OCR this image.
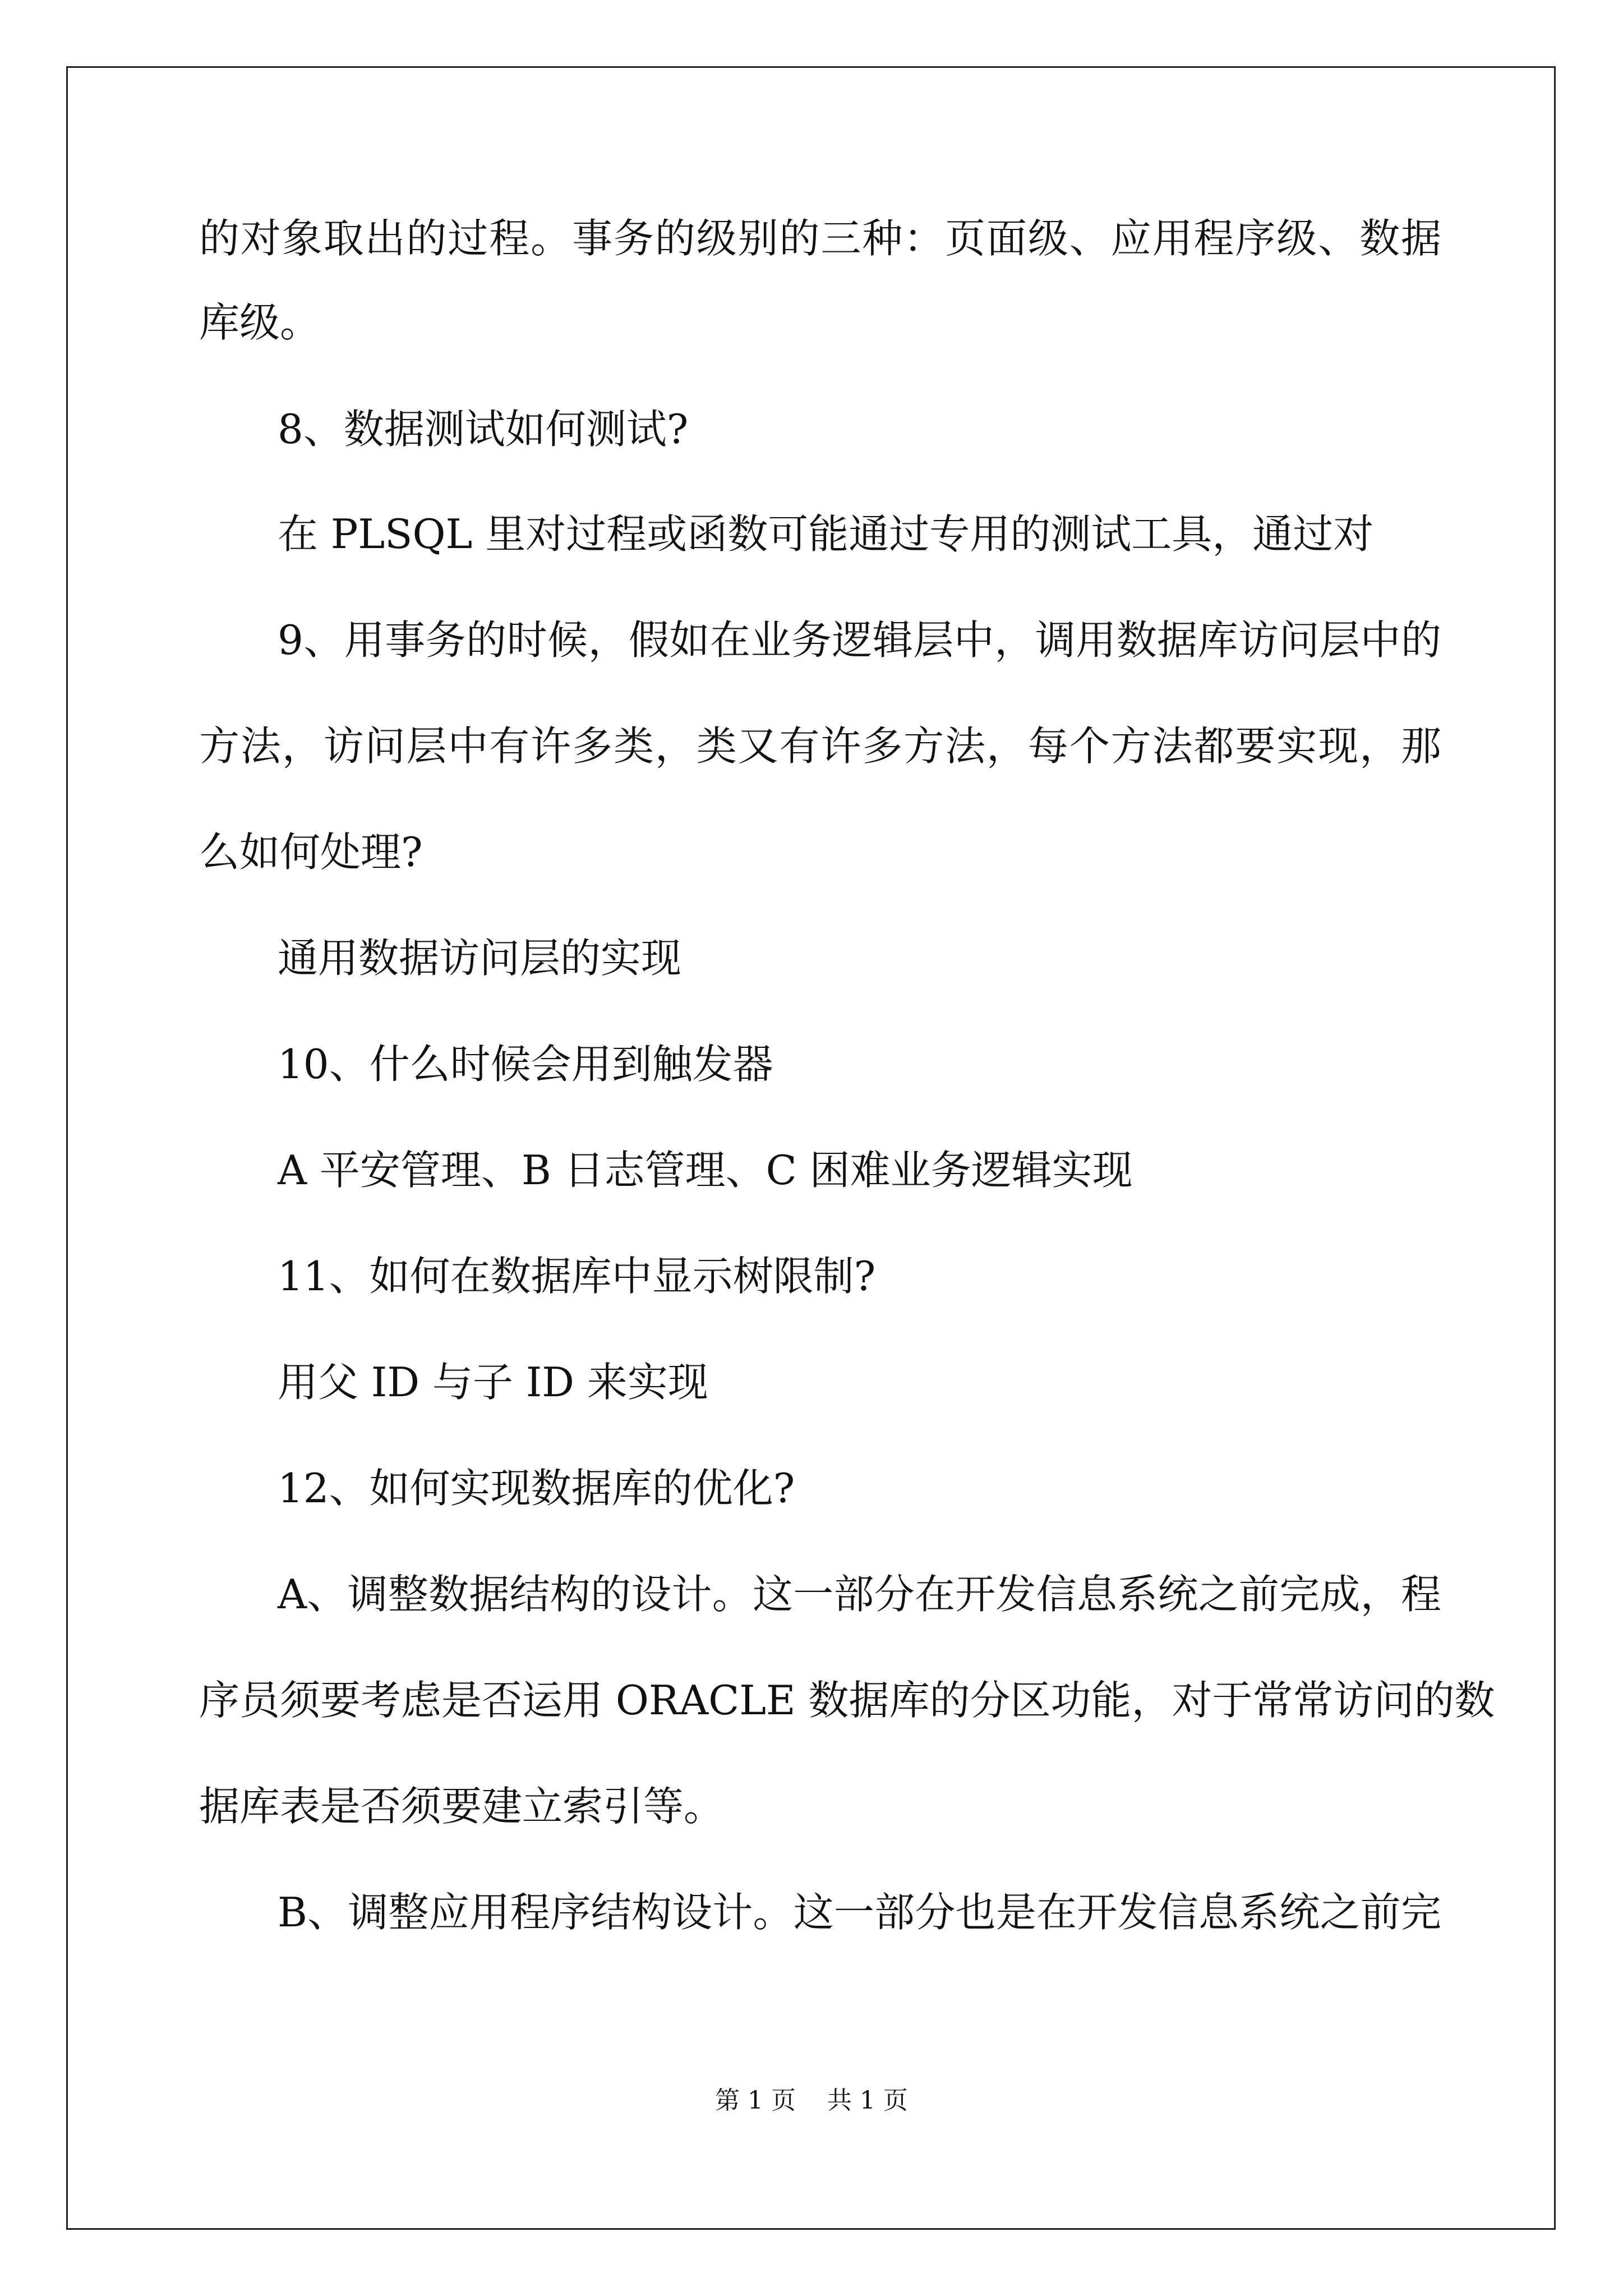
的对象取出的过程。事务的级别的三种：页面级、应用程序级、数据
库级。
8、数据测试如何测试?
在 PLSQL 里对过程或函数可能通过专用的测试工具，通过对
9、用事务的时候，假如在业务逻辑层中，调用数据库访问层中的
方法，访问层中有许多类，类又有许多方法，每个方法都要实现，那
么如何处理?
通用数据访问层的实现
10、什么时候会用到触发器
A 平安管理、B 日志管理、C 困难业务逻辑实现
11、如何在数据库中显示树限制?
用父 ID 与子 ID 来实现
12、如何实现数据库的优化?
A、调整数据结构的设计。这一部分在开发信息系统之前完成，程
序员须要考虑是否运用 ORACLE 数据库的分区功能，对于常常访问的数
据库表是否须要建立索引等。
B、调整应用程序结构设计。这一部分也是在开发信息系统之前完
第 1 页    共 1 页
